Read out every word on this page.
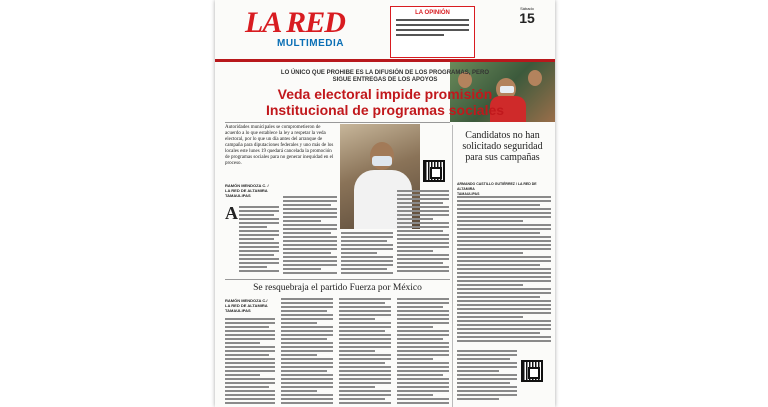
LA RED
MULTIMEDIA
LA OPINIÓN
Sábado
15

LO ÚNICO QUE PROHIBE ES LA DIFUSIÓN DE LOS PROGRAMAS, PERO SIGUE ENTREGAS DE LOS APOYOS
Veda electoral impide promisión
Institucional de programas sociales
Autoridades municipales se comprometieron de acuerdo a lo que establece la ley a respetar la veda electoral, por lo que un día antes del arranque de campaña para diputaciones federales y uno más de los locales este lunes 19 quedará cancelada la promoción de programas sociales para no generar inequidad en el proceso.
RAMÓN MENDOZA C. /
LA RED DE ALTAMIRA
TAMAULIPAS
A
Candidatos no han solicitado seguridad para sus campañas
ARMANDO CASTILLO GUTIÉRREZ / LA RED DE ALTAMIRA
TAMAULIPAS
Se resquebraja el partido Fuerza por México
RAMÓN MENDOZA C./
LA RED DE ALTAMIRA
TAMAULIPAS
